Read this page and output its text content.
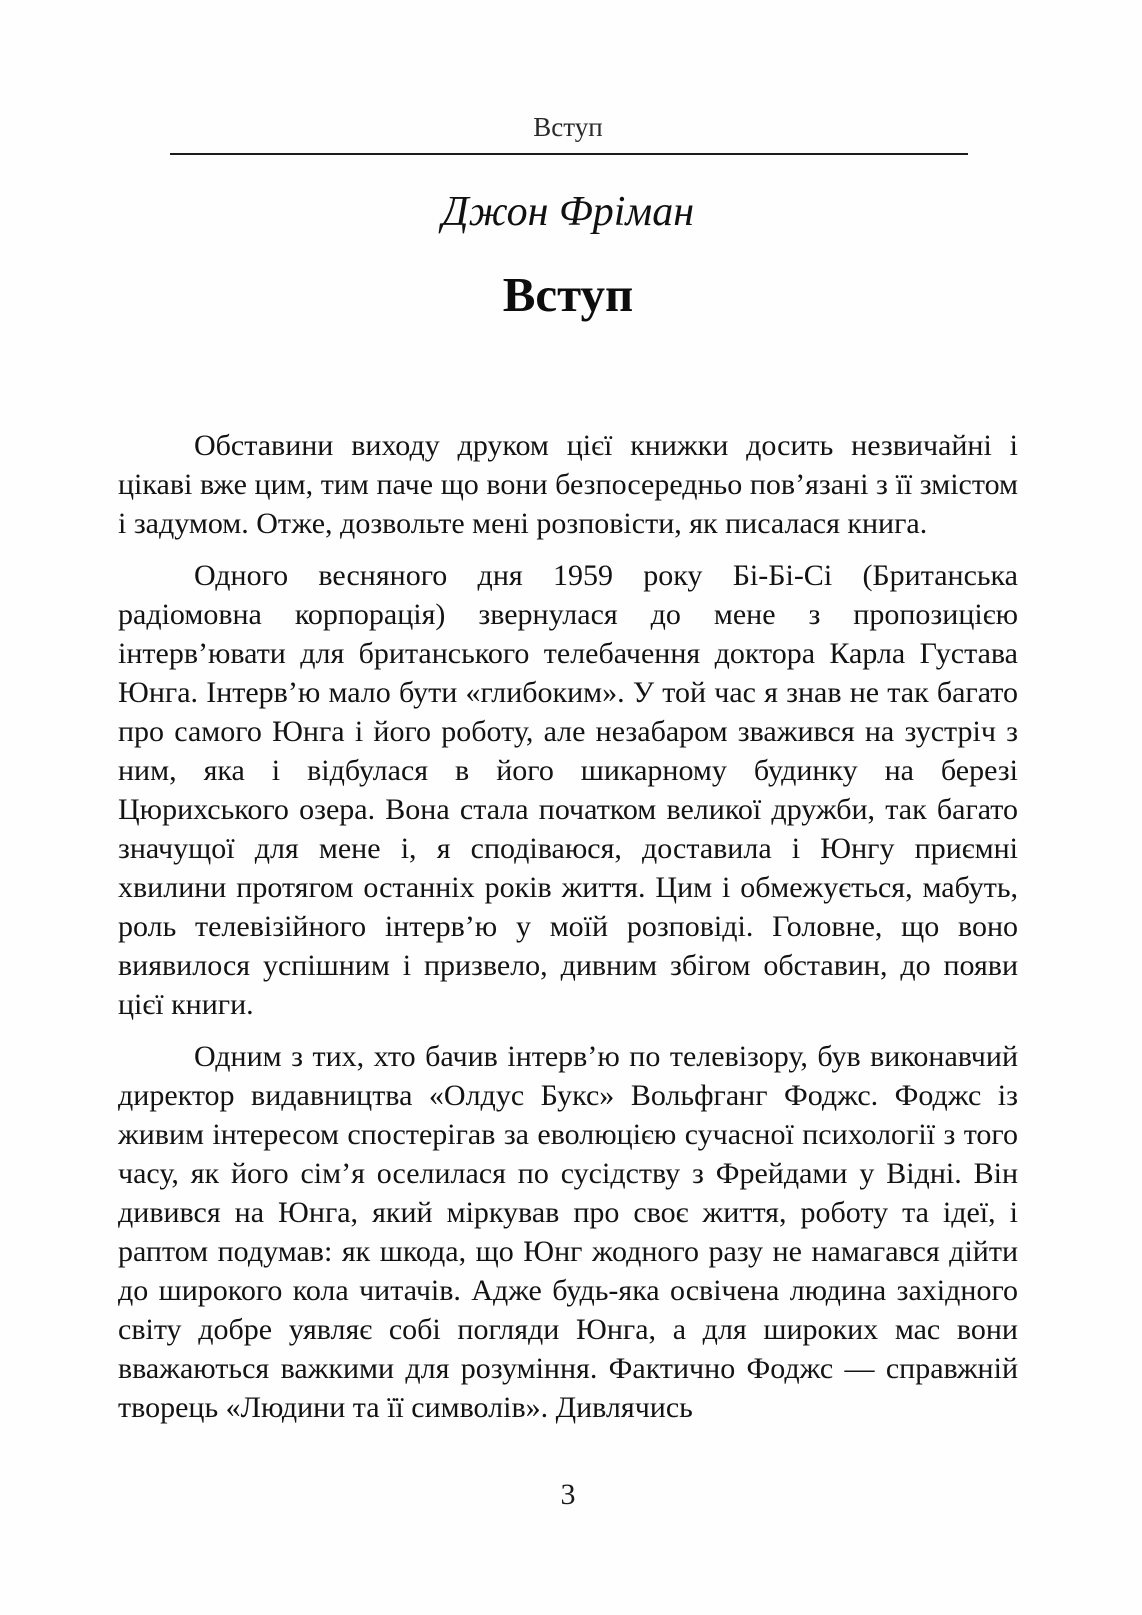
Вступ
Джон Фріман
Вступ

Обставини виходу друком цієї книжки досить незвичайні і цікаві вже цим, тим паче що вони безпосередньо пов’язані з її змістом і задумом. Отже, дозвольте мені розповісти, як писалася книга.

Одного весняного дня 1959 року Бі-Бі-Сі (Британська радіомовна корпорація) звернулася до мене з пропозицією інтерв’ювати для британського телебачення доктора Карла Густава Юнга. Інтерв’ю мало бути «глибоким». У той час я знав не так багато про самого Юнга і його роботу, але незабаром зважився на зустріч з ним, яка і відбулася в його шикарному будинку на березі Цюрихського озера. Вона стала початком великої дружби, так багато значущої для мене і, я сподіваюся, доставила і Юнгу приємні хвилини протягом останніх років життя. Цим і обмежується, мабуть, роль телевізійного інтерв’ю у моїй розповіді. Головне, що воно виявилося успішним і призвело, дивним збігом обставин, до появи цієї книги.

Одним з тих, хто бачив інтерв’ю по телевізору, був виконавчий директор видавництва «Олдус Букс» Вольфганг Фоджс. Фоджс із живим інтересом спостерігав за еволюцією сучасної психології з того часу, як його сім’я оселилася по сусідству з Фрейдами у Відні. Він дивився на Юнга, який міркував про своє життя, роботу та ідеї, і раптом подумав: як шкода, що Юнг жодного разу не намагався дійти до широкого кола читачів. Адже будь-яка освічена людина західного світу добре уявляє собі погляди Юнга, а для широких мас вони вважаються важкими для розуміння. Фактично Фоджс — справжній творець «Людини та її символів». Дивлячись

3
